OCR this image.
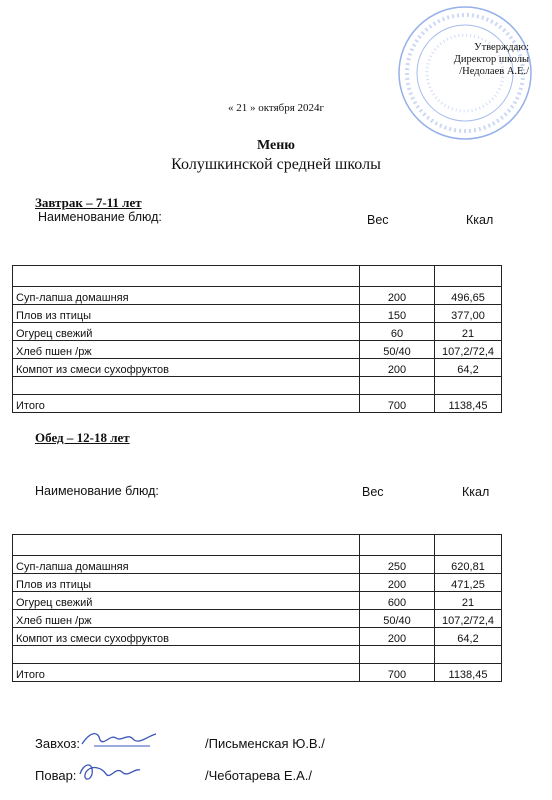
Утверждаю:
Директор школы
/Недолаев А.Е./
« 21 » октября 2024г
Меню
Колушкинской средней школы
Завтрак – 7-11 лет
Наименование блюд:	Вес	Ккал

Суп-лапша домашняя	200	496,65
Плов из птицы	150	377,00
Огурец свежий	60	21
Хлеб пшен /рж	50/40	107,2/72,4
Компот из смеси сухофруктов	200	64,2

Итого	700	1138,45
Обед – 12-18 лет
Наименование блюд:	Вес	Ккал

Суп-лапша домашняя	250	620,81
Плов из птицы	200	471,25
Огурец свежий	600	21
Хлеб пшен /рж	50/40	107,2/72,4
Компот из смеси сухофруктов	200	64,2

Итого	700	1138,45
Завхоз:	/Письменская Ю.В./
Повар:	/Чеботарева Е.А./
